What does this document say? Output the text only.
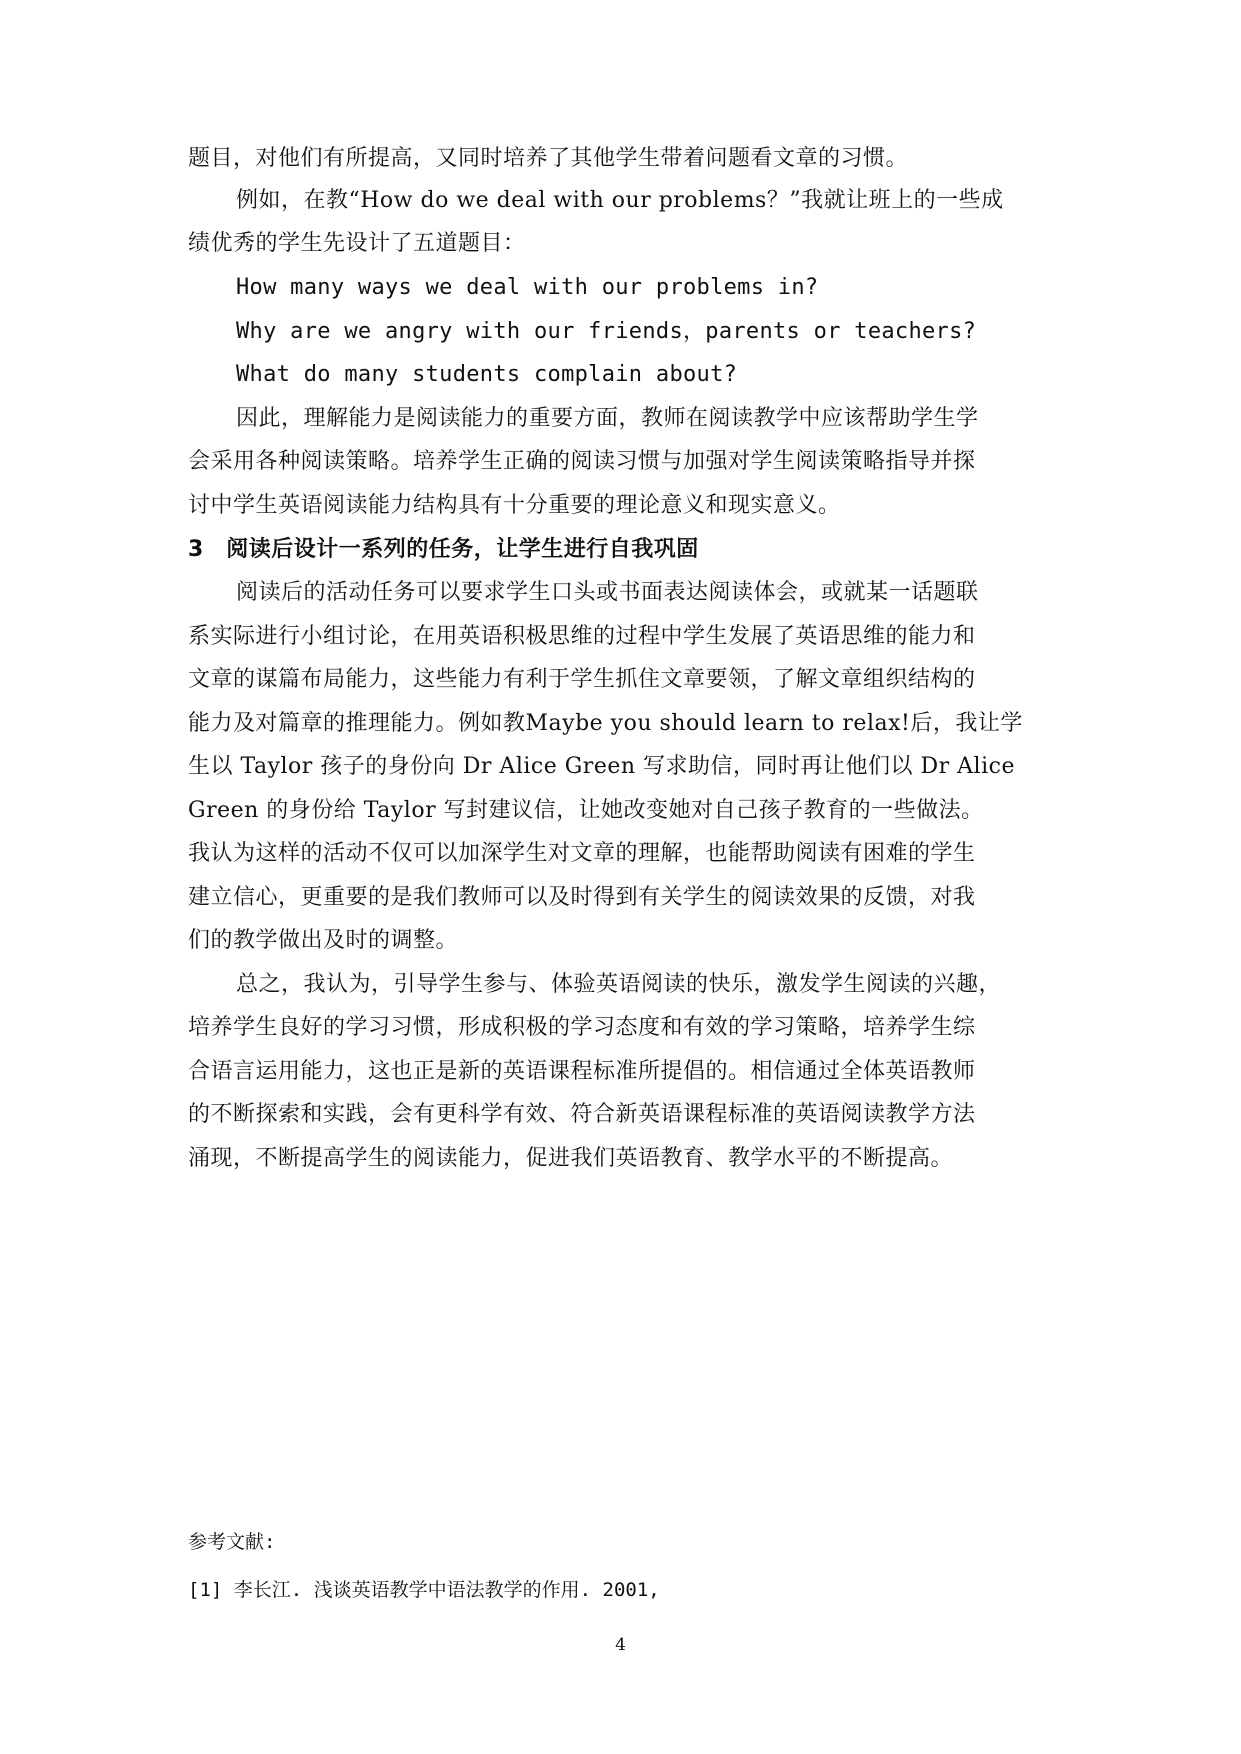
题目，对他们有所提高，又同时培养了其他学生带着问题看文章的习惯。
例如，在教“How do we deal with our problems？”我就让班上的一些成
绩优秀的学生先设计了五道题目：
How many ways we deal with our problems in?
Why are we angry with our friends，parents or teachers?
What do many students complain about?
因此，理解能力是阅读能力的重要方面，教师在阅读教学中应该帮助学生学
会采用各种阅读策略。培养学生正确的阅读习惯与加强对学生阅读策略指导并探
讨中学生英语阅读能力结构具有十分重要的理论意义和现实意义。
3　阅读后设计一系列的任务，让学生进行自我巩固
阅读后的活动任务可以要求学生口头或书面表达阅读体会，或就某一话题联
系实际进行小组讨论，在用英语积极思维的过程中学生发展了英语思维的能力和
文章的谋篇布局能力，这些能力有利于学生抓住文章要领，了解文章组织结构的
能力及对篇章的推理能力。例如教Maybe you should learn to relax!后，我让学
生以 Taylor 孩子的身份向 Dr Alice Green 写求助信，同时再让他们以 Dr Alice
Green 的身份给 Taylor 写封建议信，让她改变她对自己孩子教育的一些做法。
我认为这样的活动不仅可以加深学生对文章的理解，也能帮助阅读有困难的学生
建立信心，更重要的是我们教师可以及时得到有关学生的阅读效果的反馈，对我
们的教学做出及时的调整。
总之，我认为，引导学生参与、体验英语阅读的快乐，激发学生阅读的兴趣，
培养学生良好的学习习惯，形成积极的学习态度和有效的学习策略，培养学生综
合语言运用能力，这也正是新的英语课程标准所提倡的。相信通过全体英语教师
的不断探索和实践，会有更科学有效、符合新英语课程标准的英语阅读教学方法
涌现，不断提高学生的阅读能力，促进我们英语教育、教学水平的不断提高。
参考文献:
[1] 李长江. 浅谈英语教学中语法教学的作用. 2001,
4
